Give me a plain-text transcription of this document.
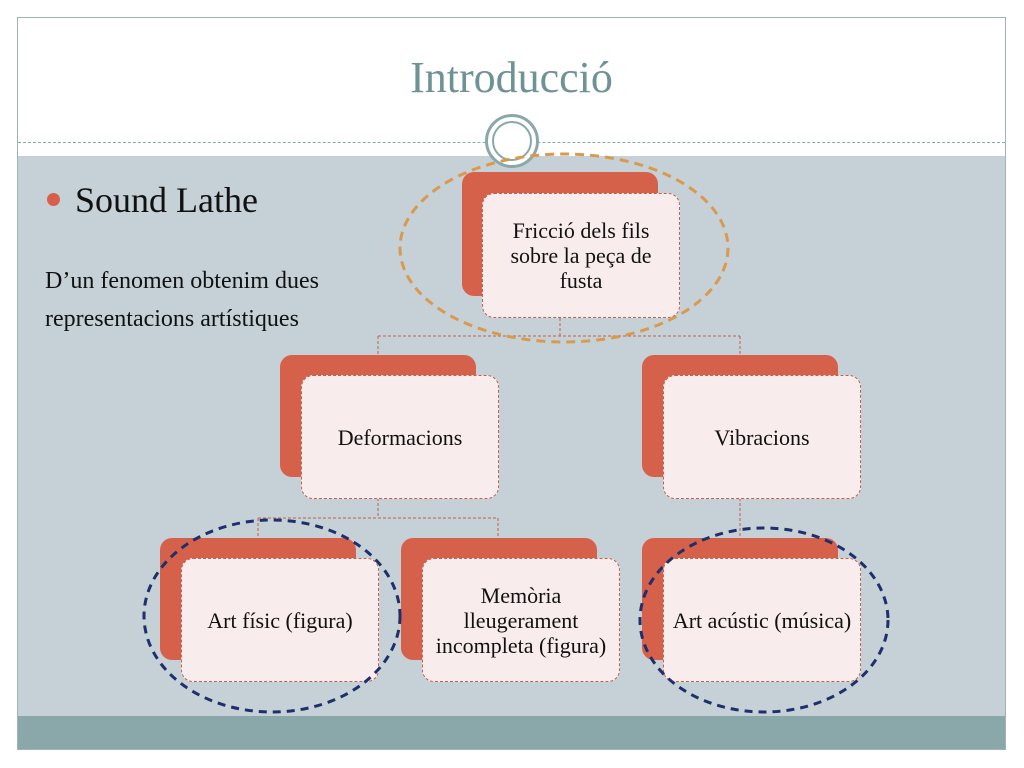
Introducció
Sound Lathe
D’un fenomen obtenim dues representacions artístiques
Fricció dels fils sobre la peça de fusta
Deformacions	Vibracions
Art físic (figura)
Memòria lleugerament incompleta (figura)
Art acústic (música)
